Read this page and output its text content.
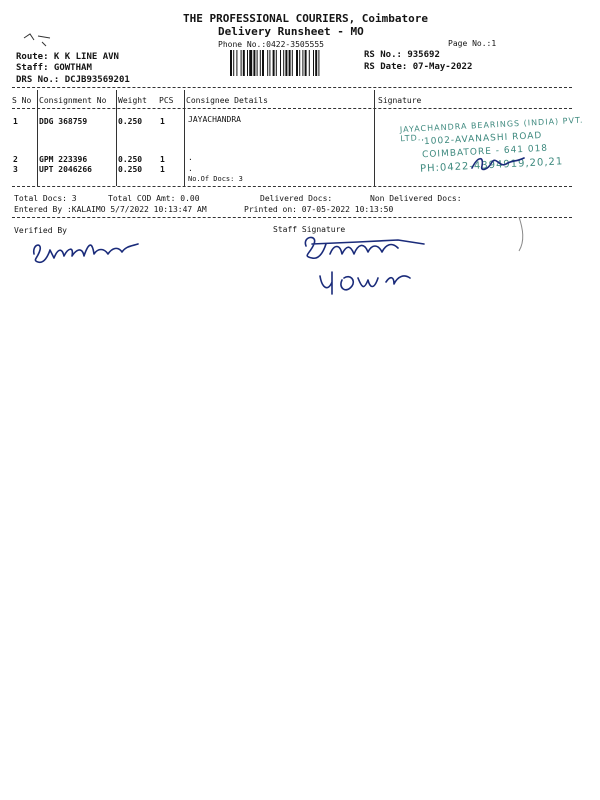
THE PROFESSIONAL COURIERS, Coimbatore
Delivery Runsheet - MO
Phone No.:0422-3505555	Page No.:1
Route: K K LINE AVN
Staff: GOWTHAM
DRS No.: DCJB93569201
RS No.: 935692
RS Date: 07-May-2022
S No Consignment No Weight PCS Consignee Details	Signature
1	DDG 368759	0.250 1	JAYACHANDRA
2	GPM 223396	0.250 1	.
3	UPT 2046266	0.250 1	.
No.Of Docs: 3
JAYACHANDRA BEARINGS (INDIA) PVT. LTD.,
1002-AVANASHI ROAD
COIMBATORE - 641 018
PH:0422-4394919,20,21
Total Docs: 3	Total COD Amt: 0.00	Delivered Docs:	Non Delivered Docs:
Entered By :KALAIMO 5/7/2022 10:13:47 AM	Printed on: 07-05-2022 10:13:50
Verified By	Staff Signature
